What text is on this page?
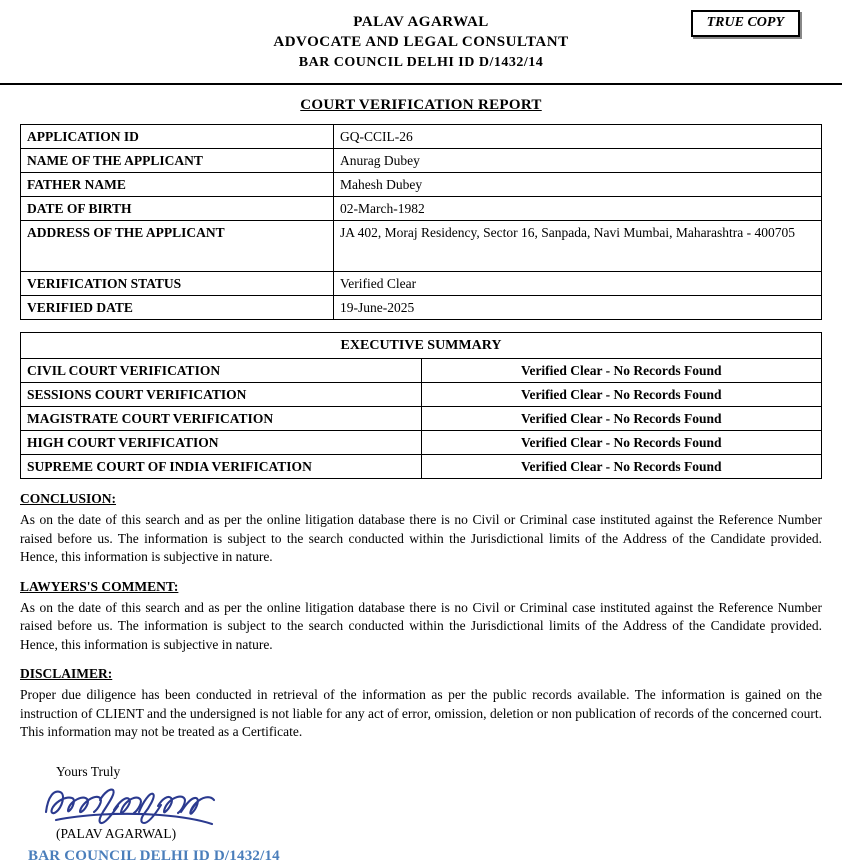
TRUE COPY
PALAV AGARWAL
ADVOCATE AND LEGAL CONSULTANT
BAR COUNCIL DELHI ID D/1432/14
COURT VERIFICATION REPORT
APPLICATION ID	GQ-CCIL-26
NAME OF THE APPLICANT	Anurag Dubey
FATHER NAME	Mahesh Dubey
DATE OF BIRTH	02-March-1982
ADDRESS OF THE APPLICANT	JA 402, Moraj Residency, Sector 16, Sanpada, Navi Mumbai, Maharashtra - 400705
VERIFICATION STATUS	Verified Clear
VERIFIED DATE	19-June-2025
EXECUTIVE SUMMARY	
CIVIL COURT VERIFICATION	Verified Clear - No Records Found
SESSIONS COURT VERIFICATION	Verified Clear - No Records Found
MAGISTRATE COURT VERIFICATION	Verified Clear - No Records Found
HIGH COURT VERIFICATION	Verified Clear - No Records Found
SUPREME COURT OF INDIA VERIFICATION	Verified Clear - No Records Found
CONCLUSION:
As on the date of this search and as per the online litigation database there is no Civil or Criminal case instituted against the Reference Number raised before us. The information is subject to the search conducted within the Jurisdictional limits of the Address of the Candidate provided. Hence, this information is subjective in nature.
LAWYERS'S COMMENT:
As on the date of this search and as per the online litigation database there is no Civil or Criminal case instituted against the Reference Number raised before us. The information is subject to the search conducted within the Jurisdictional limits of the Address of the Candidate provided. Hence, this information is subjective in nature.
DISCLAIMER:
Proper due diligence has been conducted in retrieval of the information as per the public records available. The information is gained on the instruction of CLIENT and the undersigned is not liable for any act of error, omission, deletion or non publication of records of the concerned court. This information may not be treated as a Certificate.
Yours Truly
(PALAV AGARWAL)
BAR COUNCIL DELHI ID D/1432/14
